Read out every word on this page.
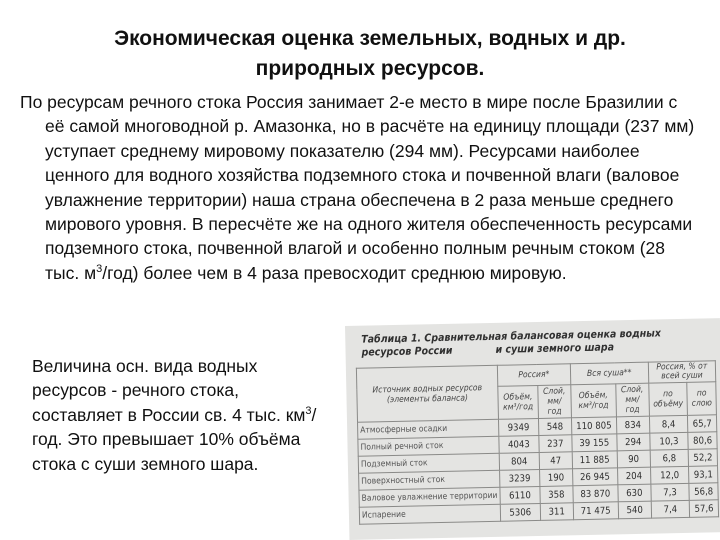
Экономическая оценка земельных, водных и др.
природных ресурсов.
По ресурсам речного стока Россия занимает 2-е место в мире после Бразилии с её самой многоводной р. Амазонка, но в расчёте на единицу площади (237 мм) уступает среднему мировому показателю (294 мм). Ресурсами наиболее ценного для водного хозяйства подземного стока и почвенной влаги (валовое увлажнение территории) наша страна обеспечена в 2 раза меньше среднего мирового уровня. В пересчёте же на одного жителя обеспеченность ресурсами подземного стока, почвенной влагой и особенно полным речным стоком (28 тыс. $м^3/год$) более чем в 4 раза превосходит среднюю мировую.
Величина осн. вида водных ресурсов - речного стока, составляет в России св. 4 тыс. $км^3$/год. Это превышает 10% объёма стока с суши земного шара.
Таблица 1. Сравнительная балансовая оценка водных ресурсов России	и суши земного шара
Источник водных ресурсов (элементы баланса)	Россия*		Вся суша**		Россия, % от всей суши	
	Объём, км³/год	Слой, мм/год	Объём, км³/год	Слой, мм/год	по объёму	по слою
Атмосферные осадки	9349	548	110 805	834	8,4	65,7
Полный речной сток	4043	237	39 155	294	10,3	80,6
Подземный сток	804	47	11 885	90	6,8	52,2
Поверхностный сток	3239	190	26 945	204	12,0	93,1
Валовое увлажнение территории	6110	358	83 870	630	7,3	56,8
Испарение	5306	311	71 475	540	7,4	57,6
